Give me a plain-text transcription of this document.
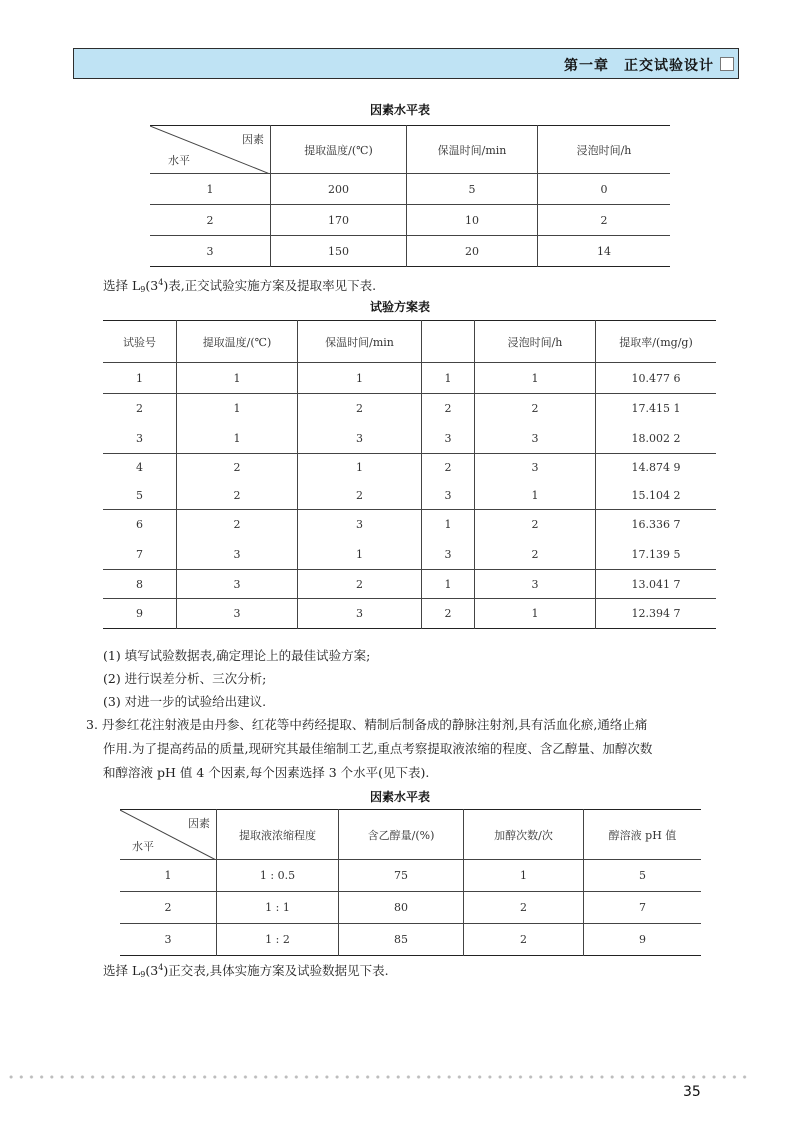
第一章　正交试验设计
因素水平表
因素
水平	提取温度/(℃)	保温时间/min	浸泡时间/h
1	200	5	0
2	170	10	2
3	150	20	14
选择 $L_9(3^4)$表,正交试验实施方案及提取率见下表.
试验方案表
试验号	提取温度/(℃)	保温时间/min		浸泡时间/h	提取率/(mg/g)
1	1	1	1	1	10.477 6
2	1	2	2	2	17.415 1
3	1	3	3	3	18.002 2
4	2	1	2	3	14.874 9
5	2	2	3	1	15.104 2
6	2	3	1	2	16.336 7
7	3	1	3	2	17.139 5
8	3	2	1	3	13.041 7
9	3	3	2	1	12.394 7
(1) 填写试验数据表,确定理论上的最佳试验方案;
(2) 进行误差分析、三次分析;
(3) 对进一步的试验给出建议.
3. 丹参红花注射液是由丹参、红花等中药经提取、精制后制备成的静脉注射剂,具有活血化瘀,通络止痛
作用.为了提高药品的质量,现研究其最佳缩制工艺,重点考察提取液浓缩的程度、含乙醇量、加醇次数
和醇溶液 pH 值 4 个因素,每个因素选择 3 个水平(见下表).
因素水平表
因素
水平	提取液浓缩程度	含乙醇量/(%)	加醇次数/次	醇溶液 pH 值
1	1 : 0.5	75	1	5
2	1 : 1	80	2	7
3	1 : 2	85	2	9
选择 $L_9(3^4)$正交表,具体实施方案及试验数据见下表.
35
